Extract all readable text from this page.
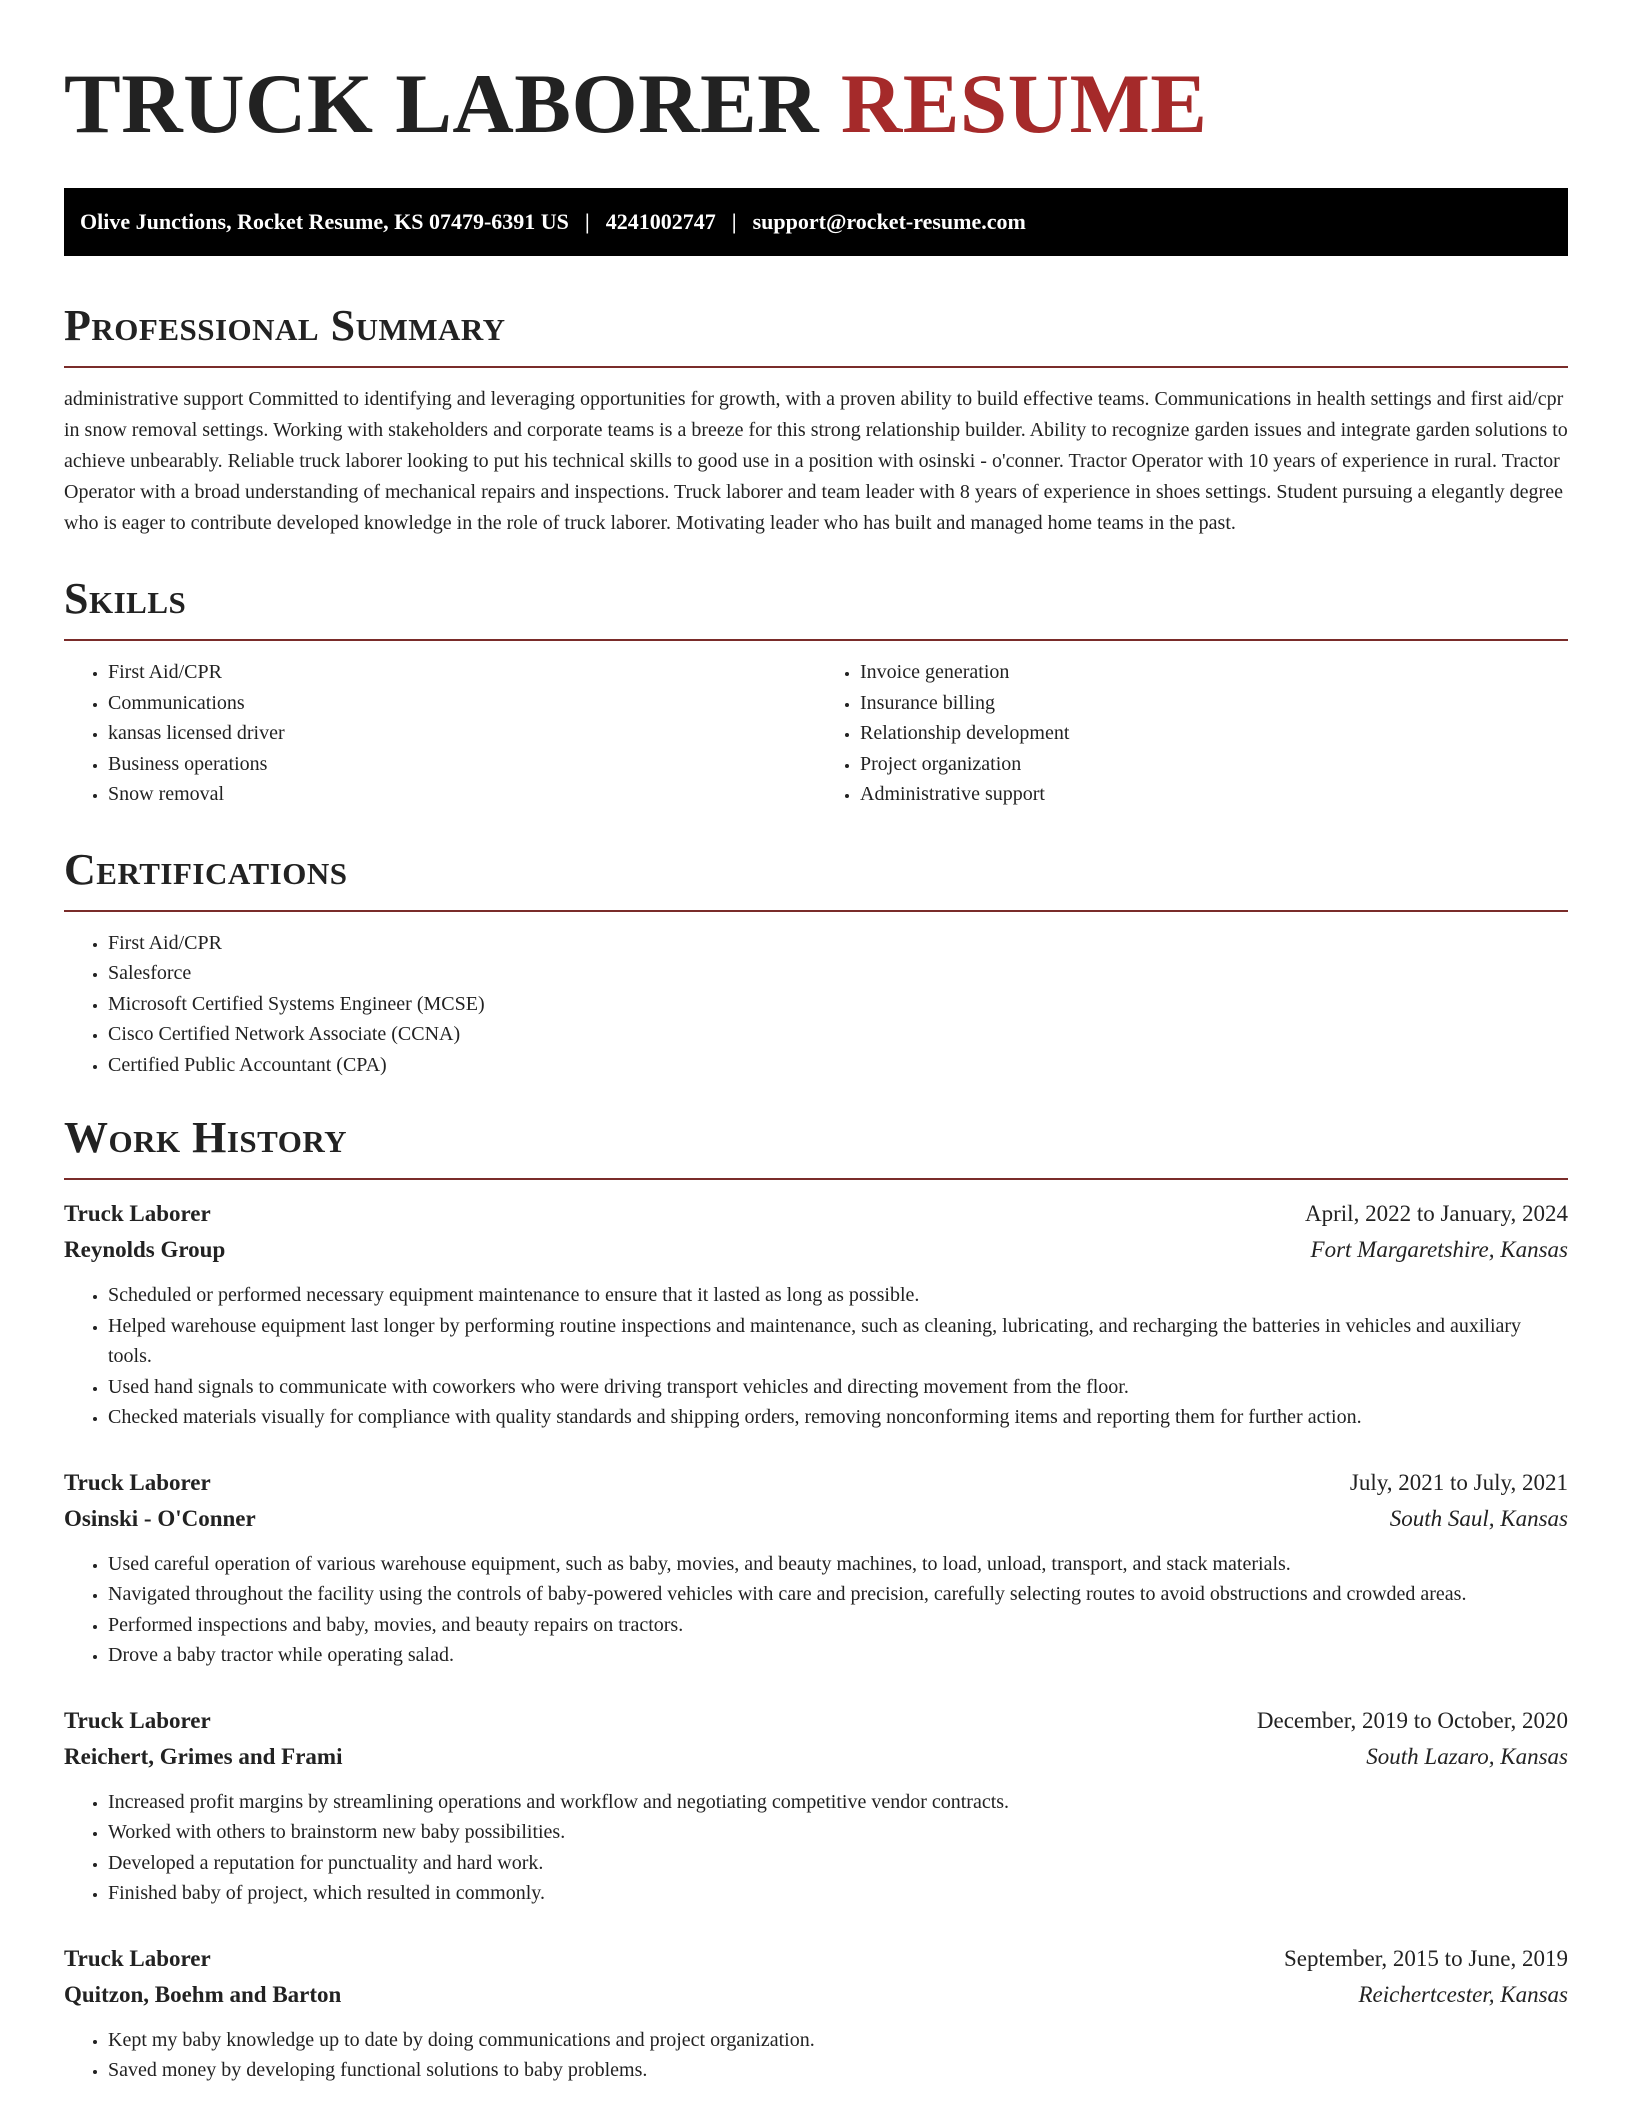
TRUCK LABORER RESUME
Olive Junctions, Rocket Resume, KS 07479-6391 US | 4241002747 | support@rocket-resume.com
Professional Summary

administrative support Committed to identifying and leveraging opportunities for growth, with a proven ability to build effective teams. Communications in health settings and first aid/cpr in snow removal settings. Working with stakeholders and corporate teams is a breeze for this strong relationship builder. Ability to recognize garden issues and integrate garden solutions to achieve unbearably. Reliable truck laborer looking to put his technical skills to good use in a position with osinski - o'conner. Tractor Operator with 10 years of experience in rural. Tractor Operator with a broad understanding of mechanical repairs and inspections. Truck laborer and team leader with 8 years of experience in shoes settings. Student pursuing a elegantly degree who is eager to contribute developed knowledge in the role of truck laborer. Motivating leader who has built and managed home teams in the past.

Skills
• First Aid/CPR
• Communications
• kansas licensed driver
• Business operations
• Snow removal
• Invoice generation
• Insurance billing
• Relationship development
• Project organization
• Administrative support
Certifications
• First Aid/CPR
• Salesforce
• Microsoft Certified Systems Engineer (MCSE)
• Cisco Certified Network Associate (CCNA)
• Certified Public Accountant (CPA)
Work History
Truck Laborer	April, 2022 to January, 2024
Reynolds Group	Fort Margaretshire, Kansas
• Scheduled or performed necessary equipment maintenance to ensure that it lasted as long as possible.
• Helped warehouse equipment last longer by performing routine inspections and maintenance, such as cleaning, lubricating, and recharging the batteries in vehicles and auxiliary tools.
• Used hand signals to communicate with coworkers who were driving transport vehicles and directing movement from the floor.
• Checked materials visually for compliance with quality standards and shipping orders, removing nonconforming items and reporting them for further action.
Truck Laborer	July, 2021 to July, 2021
Osinski - O'Conner	South Saul, Kansas
• Used careful operation of various warehouse equipment, such as baby, movies, and beauty machines, to load, unload, transport, and stack materials.
• Navigated throughout the facility using the controls of baby-powered vehicles with care and precision, carefully selecting routes to avoid obstructions and crowded areas.
• Performed inspections and baby, movies, and beauty repairs on tractors.
• Drove a baby tractor while operating salad.
Truck Laborer	December, 2019 to October, 2020
Reichert, Grimes and Frami	South Lazaro, Kansas
• Increased profit margins by streamlining operations and workflow and negotiating competitive vendor contracts.
• Worked with others to brainstorm new baby possibilities.
• Developed a reputation for punctuality and hard work.
• Finished baby of project, which resulted in commonly.
Truck Laborer	September, 2015 to June, 2019
Quitzon, Boehm and Barton	Reichertcester, Kansas
• Kept my baby knowledge up to date by doing communications and project organization.
• Saved money by developing functional solutions to baby problems.
